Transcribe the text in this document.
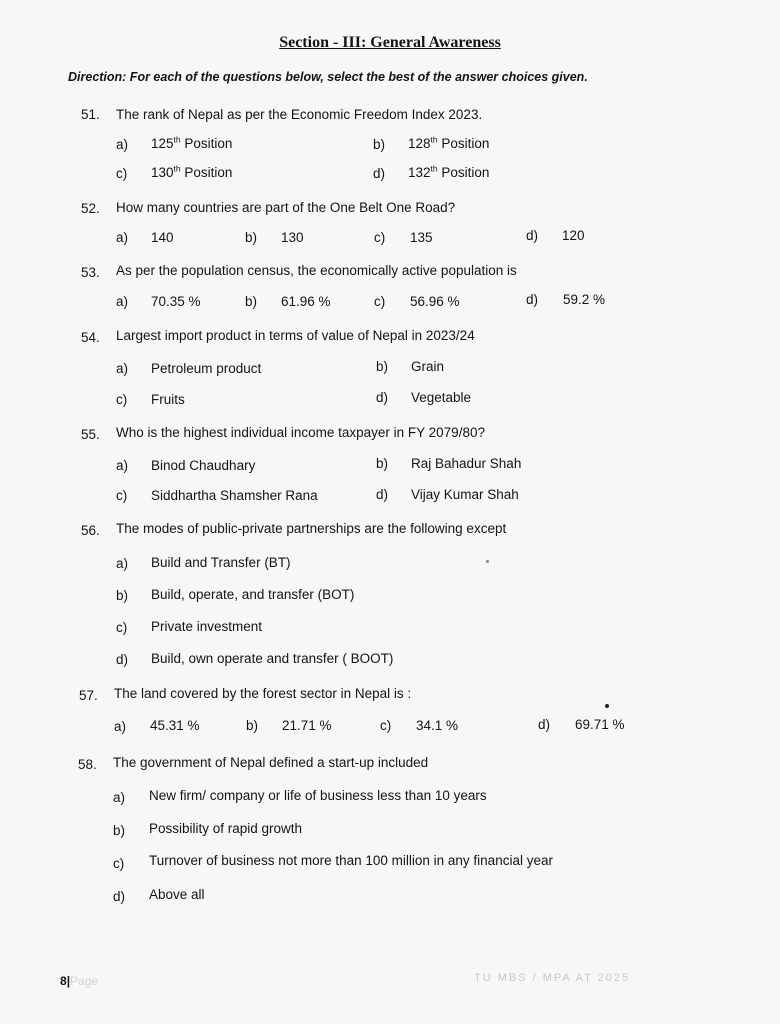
Section - III: General Awareness
Direction: For each of the questions below, select the best of the answer choices given.
51. The rank of Nepal as per the Economic Freedom Index 2023.
a) 125th Position	b) 128th Position
c) 130th Position	d) 132th Position
52. How many countries are part of the One Belt One Road?
a) 140	b) 130	c) 135	d) 120
53. As per the population census, the economically active population is
a) 70.35 %	b) 61.96 %	c) 56.96 %	d) 59.2 %
54. Largest import product in terms of value of Nepal in 2023/24
a) Petroleum product	b) Grain
c) Fruits	d) Vegetable
55. Who is the highest individual income taxpayer in FY 2079/80?
a) Binod Chaudhary	b) Raj Bahadur Shah
c) Siddhartha Shamsher Rana	d) Vijay Kumar Shah
56. The modes of public-private partnerships are the following except
a) Build and Transfer (BT)
b) Build, operate, and transfer (BOT)
c) Private investment
d) Build, own operate and transfer ( BOOT)
57. The land covered by the forest sector in Nepal is :
a) 45.31 %	b) 21.71 %	c) 34.1 %	d) 69.71 %
58. The government of Nepal defined a start-up included
a) New firm/ company or life of business less than 10 years
b) Possibility of rapid growth
c) Turnover of business not more than 100 million in any financial year
d) Above all
8|Page	TU MBS / MPA AT 2025
